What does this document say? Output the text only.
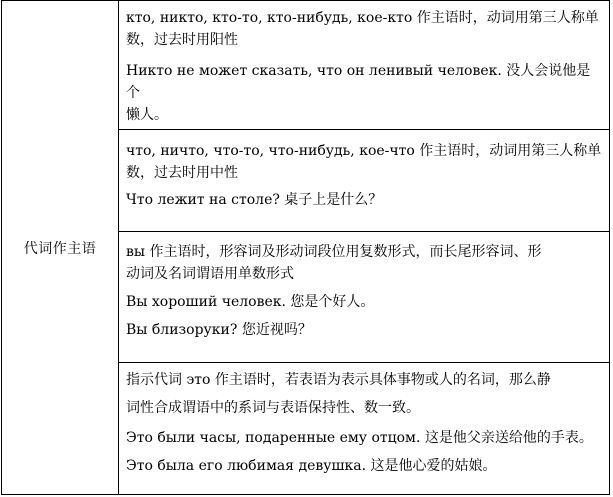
代词作主语	

кто, никто, кто-то, кто-нибудь, кое-кто 作主语时，动词用第三人称单

数，过去时用阳性

Никто не может сказать, что он ленивый человек. 没人会说他是个

懒人。

что, ничто, что-то, что-нибудь, кое-что 作主语时，动词用第三人称单

数，过去时用中性

Что лежит на столе? 桌子上是什么？

вы 作主语时，形容词及形动词段位用复数形式，而长尾形容词、形

动词及名词谓语用单数形式

Вы хороший человек. 您是个好人。

Вы близоруки? 您近视吗？

指示代词 это 作主语时，若表语为表示具体事物或人的名词，那么静

词性合成谓语中的系词与表语保持性、数一致。

Это были часы, подаренные ему отцом. 这是他父亲送给他的手表。

Это была его любимая девушка. 这是他心爱的姑娘。
